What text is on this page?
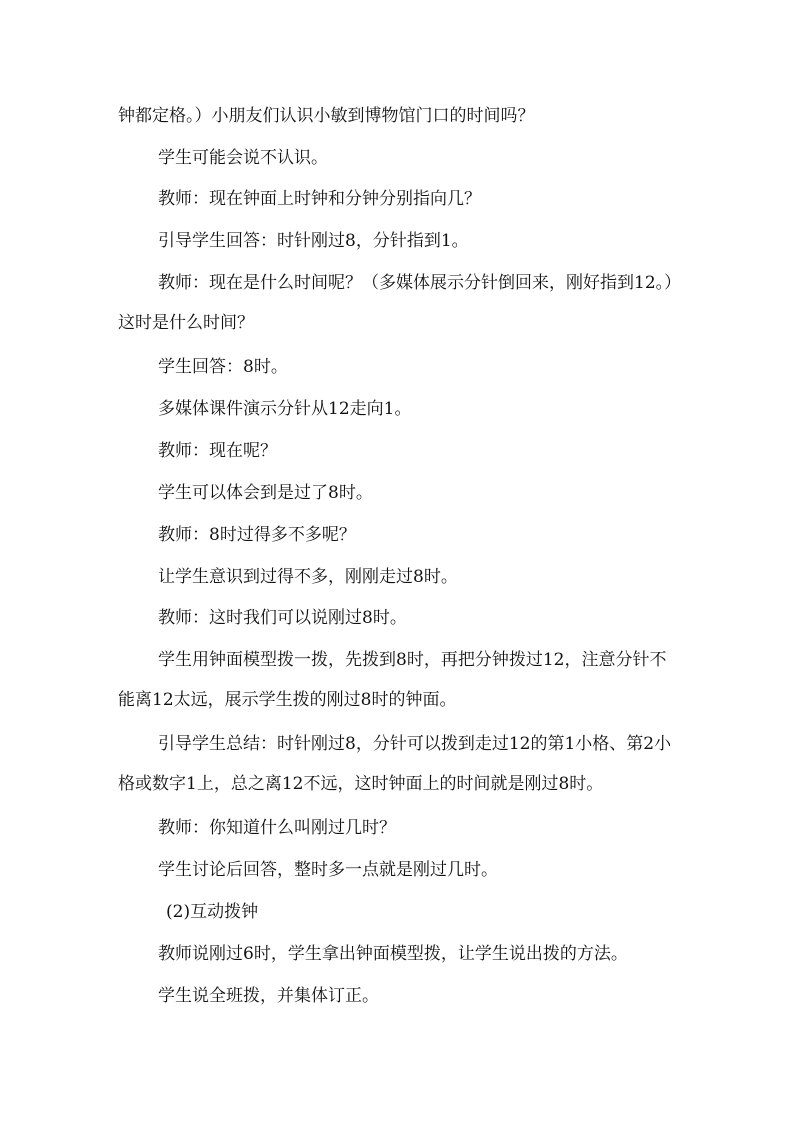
钟都定格。）小朋友们认识小敏到博物馆门口的时间吗？

学生可能会说不认识。

教师：现在钟面上时钟和分钟分别指向几？

引导学生回答：时针刚过8，分针指到1。

教师：现在是什么时间呢？（多媒体展示分针倒回来，刚好指到12。）这时是什么时间？

学生回答：8时。

多媒体课件演示分针从12走向1。

教师：现在呢？

学生可以体会到是过了8时。

教师：8时过得多不多呢？

让学生意识到过得不多，刚刚走过8时。

教师：这时我们可以说刚过8时。

学生用钟面模型拨一拨，先拨到8时，再把分钟拨过12，注意分针不能离12太远，展示学生拨的刚过8时的钟面。

引导学生总结：时针刚过8，分针可以拨到走过12的第1小格、第2小格或数字1上，总之离12不远，这时钟面上的时间就是刚过8时。

教师：你知道什么叫刚过几时？

学生讨论后回答，整时多一点就是刚过几时。

(2)互动拨钟

教师说刚过6时，学生拿出钟面模型拨，让学生说出拨的方法。

学生说全班拨，并集体订正。
